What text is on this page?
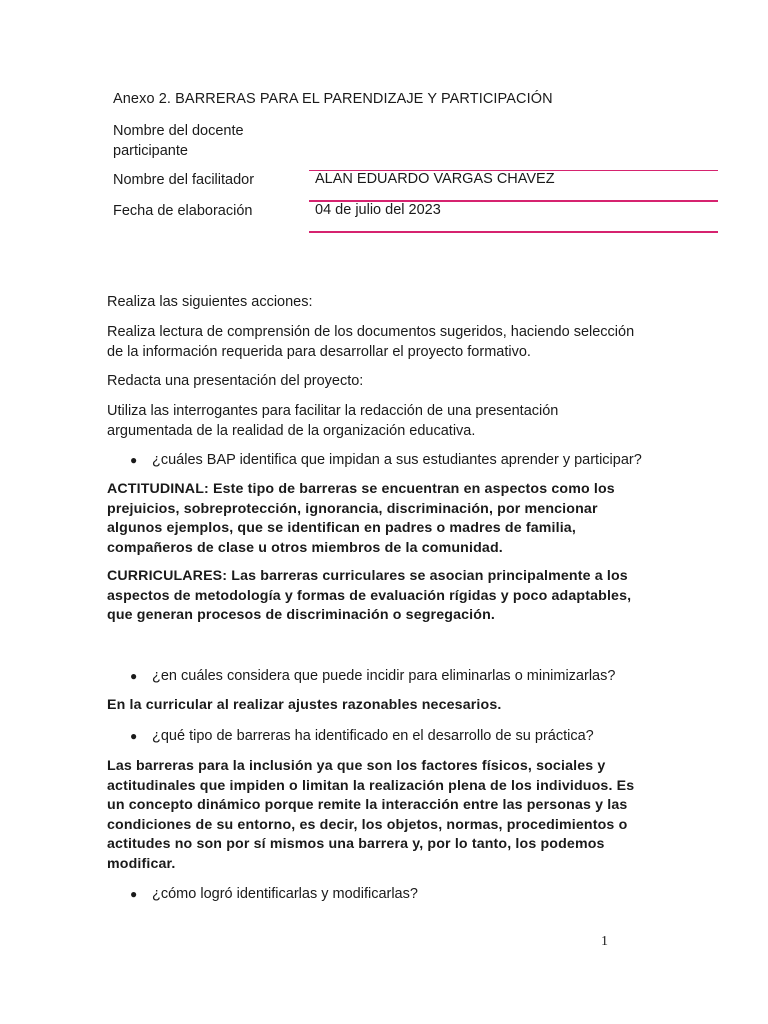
Anexo 2. BARRERAS PARA EL PARENDIZAJE Y PARTICIPACIÓN
Nombre del docente
participante
Nombre del facilitador	ALAN EDUARDO VARGAS CHAVEZ
Fecha de elaboración	04 de julio del 2023
Realiza las siguientes acciones:
Realiza lectura de comprensión de los documentos sugeridos, haciendo selección
de la información requerida para desarrollar el proyecto formativo.
Redacta una presentación del proyecto:
Utiliza las interrogantes para facilitar la redacción de una presentación
argumentada de la realidad de la organización educativa.
●	¿cuáles BAP identifica que impidan a sus estudiantes aprender y participar?
ACTITUDINAL: Este tipo de barreras se encuentran en aspectos como los
prejuicios, sobreprotección, ignorancia, discriminación, por mencionar
algunos ejemplos, que se identifican en padres o madres de familia,
compañeros de clase u otros miembros de la comunidad.
CURRICULARES: Las barreras curriculares se asocian principalmente a los
aspectos de metodología y formas de evaluación rígidas y poco adaptables,
que generan procesos de discriminación o segregación.
●	¿en cuáles considera que puede incidir para eliminarlas o minimizarlas?
En la curricular al realizar ajustes razonables necesarios.
●	¿qué tipo de barreras ha identificado en el desarrollo de su práctica?
Las barreras para la inclusión ya que son los factores físicos, sociales y
actitudinales que impiden o limitan la realización plena de los individuos. Es
un concepto dinámico porque remite la interacción entre las personas y las
condiciones de su entorno, es decir, los objetos, normas, procedimientos o
actitudes no son por sí mismos una barrera y, por lo tanto, los podemos
modificar.
●	¿cómo logró identificarlas y modificarlas?
1
